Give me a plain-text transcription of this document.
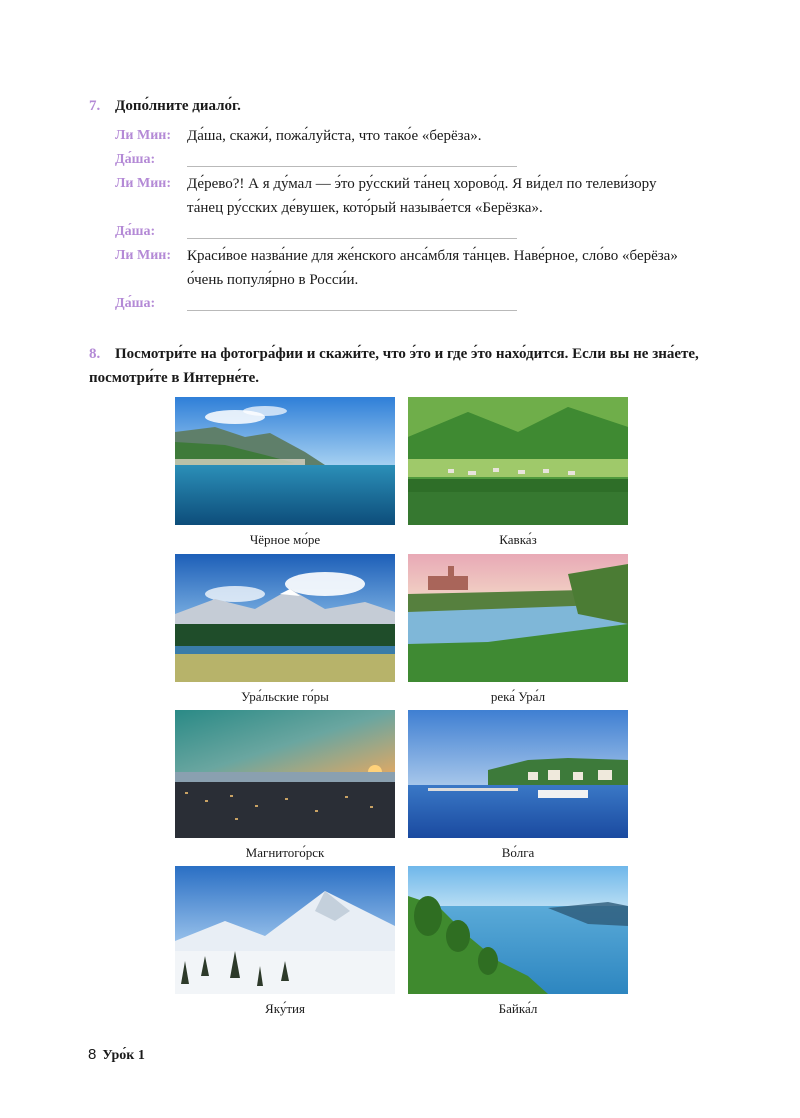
7. Допо́лните диало́г.
Ли Мин:	Да́ша, скажи́, пожа́луйста, что тако́е «берёза».
Да́ша:
Ли Мин:	Де́рево?! А я ду́мал — э́то ру́сский та́нец хорово́д. Я ви́дел по телеви́зору
та́нец ру́сских де́вушек, кото́рый называ́ется «Берёзка».
Да́ша:
Ли Мин:	Краси́вое назва́ние для же́нского анса́мбля та́нцев. Наве́рное, сло́во «берёза»
о́чень популя́рно в Росси́и.
Да́ша:
8. Посмотри́те на фотогра́фии и скажи́те, что э́то и где э́то нахо́дится. Если вы не зна́ете, посмотри́те в Интерне́те.
Чёрное мо́ре	Кавка́з
Ура́льские го́ры	река́ Ура́л
Магнитого́рск	Во́лга
Яку́тия	Байка́л
8 Уро́к 1
